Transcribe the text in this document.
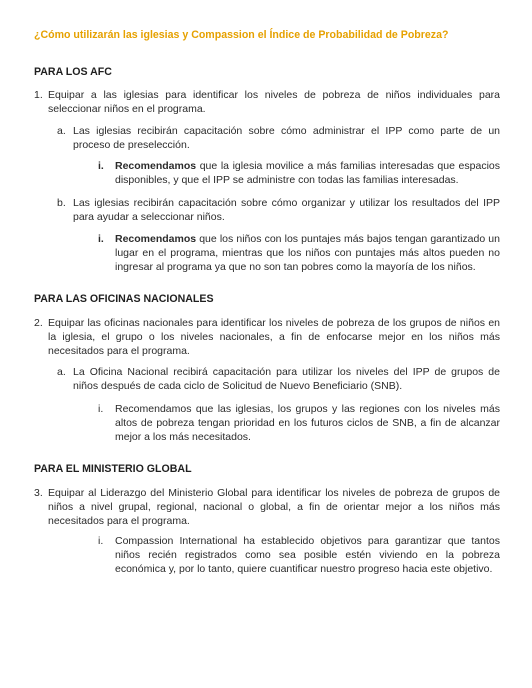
¿Cómo utilizarán las iglesias y Compassion el Índice de Probabilidad de Pobreza?
PARA LOS AFC
1. Equipar a las iglesias para identificar los niveles de pobreza de niños individuales para seleccionar niños en el programa.
a. Las iglesias recibirán capacitación sobre cómo administrar el IPP como parte de un proceso de preselección.
i. Recomendamos que la iglesia movilice a más familias interesadas que espacios disponibles, y que el IPP se administre con todas las familias interesadas.
b. Las iglesias recibirán capacitación sobre cómo organizar y utilizar los resultados del IPP para ayudar a seleccionar niños.
i. Recomendamos que los niños con los puntajes más bajos tengan garantizado un lugar en el programa, mientras que los niños con puntajes más altos pueden no ingresar al programa ya que no son tan pobres como la mayoría de los niños.
PARA LAS OFICINAS NACIONALES
2. Equipar las oficinas nacionales para identificar los niveles de pobreza de los grupos de niños en la iglesia, el grupo o los niveles nacionales, a fin de enfocarse mejor en los niños más necesitados para el programa.
a. La Oficina Nacional recibirá capacitación para utilizar los niveles del IPP de grupos de niños después de cada ciclo de Solicitud de Nuevo Beneficiario (SNB).
i. Recomendamos que las iglesias, los grupos y las regiones con los niveles más altos de pobreza tengan prioridad en los futuros ciclos de SNB, a fin de alcanzar mejor a los más necesitados.
PARA EL MINISTERIO GLOBAL
3. Equipar al Liderazgo del Ministerio Global para identificar los niveles de pobreza de grupos de niños a nivel grupal, regional, nacional o global, a fin de orientar mejor a los niños más necesitados para el programa.
i. Compassion International ha establecido objetivos para garantizar que tantos niños recién registrados como sea posible estén viviendo en la pobreza económica y, por lo tanto, quiere cuantificar nuestro progreso hacia este objetivo.
